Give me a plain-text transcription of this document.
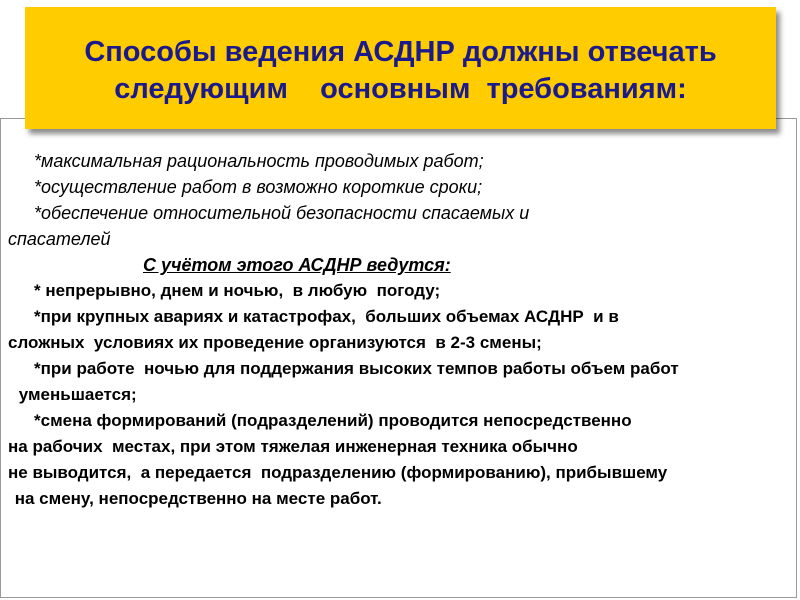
Способы ведения АСДНР должны отвечать
следующим    основным  требованиям:
*максимальная рациональность проводимых работ;
*осуществление работ в возможно короткие сроки;
*обеспечение относительной безопасности спасаемых и
спасателей
С учётом этого АСДНР ведутся:
* непрерывно, днем и ночью,  в любую  погоду;
*при крупных авариях и катастрофах,  больших объемах АСДНР  и в
сложных  условиях их проведение организуются  в 2-3 смены;
*при работе  ночью для поддержания высоких темпов работы объем работ
уменьшается;
*смена формирований (подразделений) проводится непосредственно
на рабочих  местах, при этом тяжелая инженерная техника обычно
не выводится,  а передается  подразделению (формированию), прибывшему
на смену, непосредственно на месте работ.
